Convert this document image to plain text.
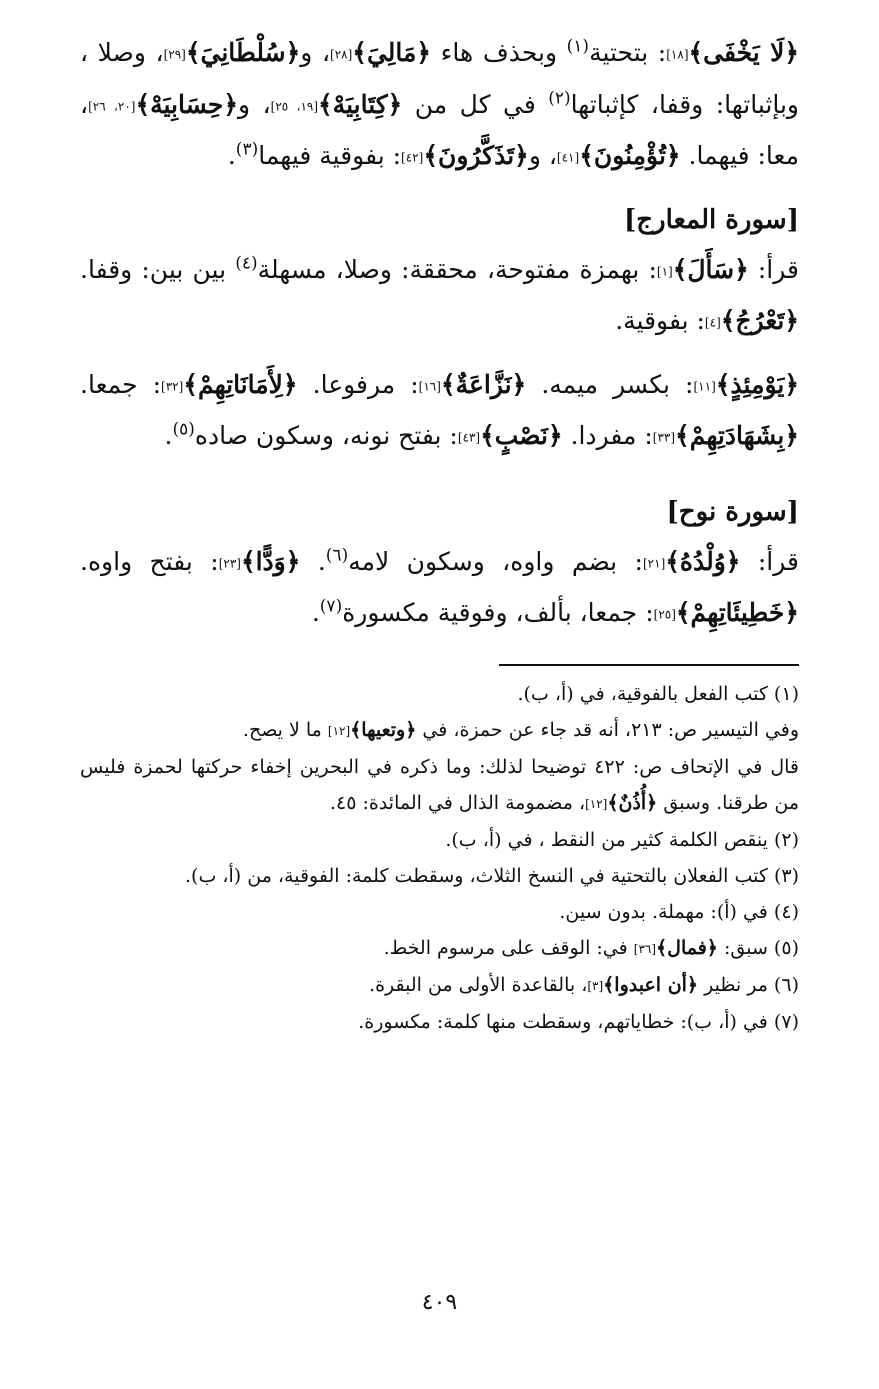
﴿لَا يَخْفَى﴾[١٨]: بتحتية$^{(١)}$ وبحذف هاء ﴿مَالِيَ﴾[٢٨]، و﴿سُلْطَانِيَ﴾[٢٩]، وصلا ، وبإثباتها: وقفا، كإثباتها$^{(٢)}$ في كل من ﴿كِتَابِيَهْ﴾[١٩، ٢٥]، و﴿حِسَابِيَهْ﴾[٢٠، ٢٦]، معا: فيهما. ﴿تُؤْمِنُونَ﴾[٤١]، و﴿تَذَكَّرُونَ﴾[٤٢]: بفوقية فيهما$^{(٣)}$.

[سورة المعارج]

قرأ: ﴿سَأَلَ﴾[١]: بهمزة مفتوحة، محققة: وصلا، مسهلة$^{(٤)}$ بين بين: وقفا. ﴿تَعْرُجُ﴾[٤]: بفوقية.

﴿يَوْمِئِذٍ﴾[١١]: بكسر ميمه. ﴿نَزَّاعَةٌ﴾[١٦]: مرفوعا. ﴿لِأَمَانَاتِهِمْ﴾[٣٢]: جمعا. ﴿بِشَهَادَتِهِمْ﴾[٣٣]: مفردا. ﴿نَصْبٍ﴾[٤٣]: بفتح نونه، وسكون صاده$^{(٥)}$.

[سورة نوح]

قرأ: ﴿وُلْدُهُ﴾[٢١]: بضم واوه، وسكون لامه$^{(٦)}$. ﴿وَدًّا﴾[٢٣]: بفتح واوه. ﴿خَطِيئَاتِهِمْ﴾[٢٥]: جمعا، بألف، وفوقية مكسورة$^{(٧)}$.

(١) كتب الفعل بالفوقية، في (أ، ب).

وفي التيسير ص: ٢١٣، أنه قد جاء عن حمزة، في ﴿وتعيها﴾[١٢] ما لا يصح.

قال في الإتحاف ص: ٤٢٢ توضيحا لذلك: وما ذكره في البحرين إخفاء حركتها لحمزة فليس من طرقنا. وسبق ﴿أُذُنٌ﴾[١٢]، مضمومة الذال في المائدة: ٤٥.

(٢) ينقص الكلمة كثير من النقط ، في (أ، ب).

(٣) كتب الفعلان بالتحتية في النسخ الثلاث، وسقطت كلمة: الفوقية، من (أ، ب).

(٤) في (أ): مهملة. بدون سين.

(٥) سبق: ﴿فمال﴾[٣٦] في: الوقف على مرسوم الخط.

(٦) مر نظير ﴿أن اعبدوا﴾[٣]، بالقاعدة الأولى من البقرة.

(٧) في (أ، ب): خطاياتهم، وسقطت منها كلمة: مكسورة.

٤٠٩
